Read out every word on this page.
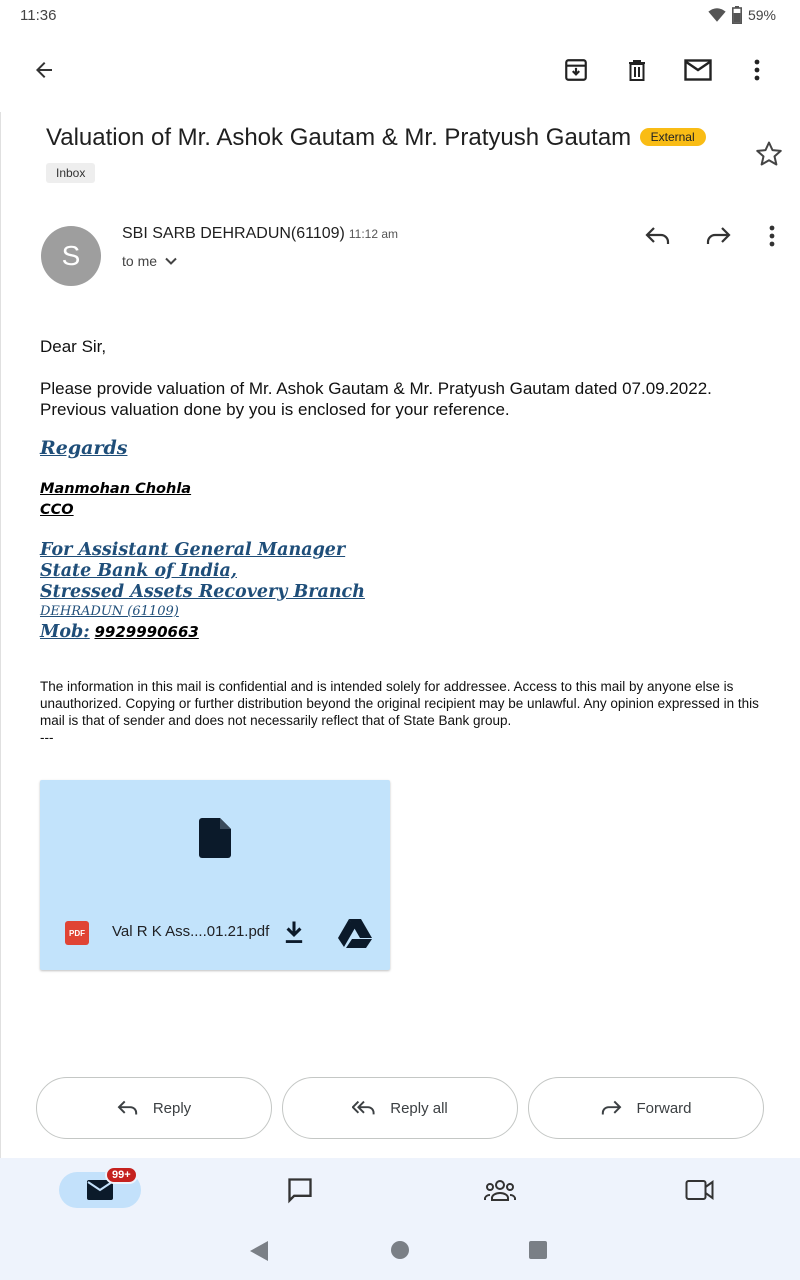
11:36	59%
Valuation of Mr. Ashok Gautam & Mr. Pratyush Gautam External
Inbox
S
SBI SARB DEHRADUN(61109) 11:12 am
to me
Dear Sir,
Please provide valuation of Mr. Ashok Gautam & Mr. Pratyush Gautam dated 07.09.2022.
Previous valuation done by you is enclosed for your reference.
Regards
Manmohan Chohla
CCO
For Assistant General Manager
State Bank of India,
Stressed Assets Recovery Branch
DEHRADUN (61109)
Mob: 9929990663
The information in this mail is confidential and is intended solely for addressee. Access to this mail by anyone else is unauthorized. Copying or further distribution beyond the original recipient may be unlawful. Any opinion expressed in this mail is that of sender and does not necessarily reflect that of State Bank group.
---
PDF Val R K Ass....01.21.pdf
Reply	Reply all	Forward
99+
